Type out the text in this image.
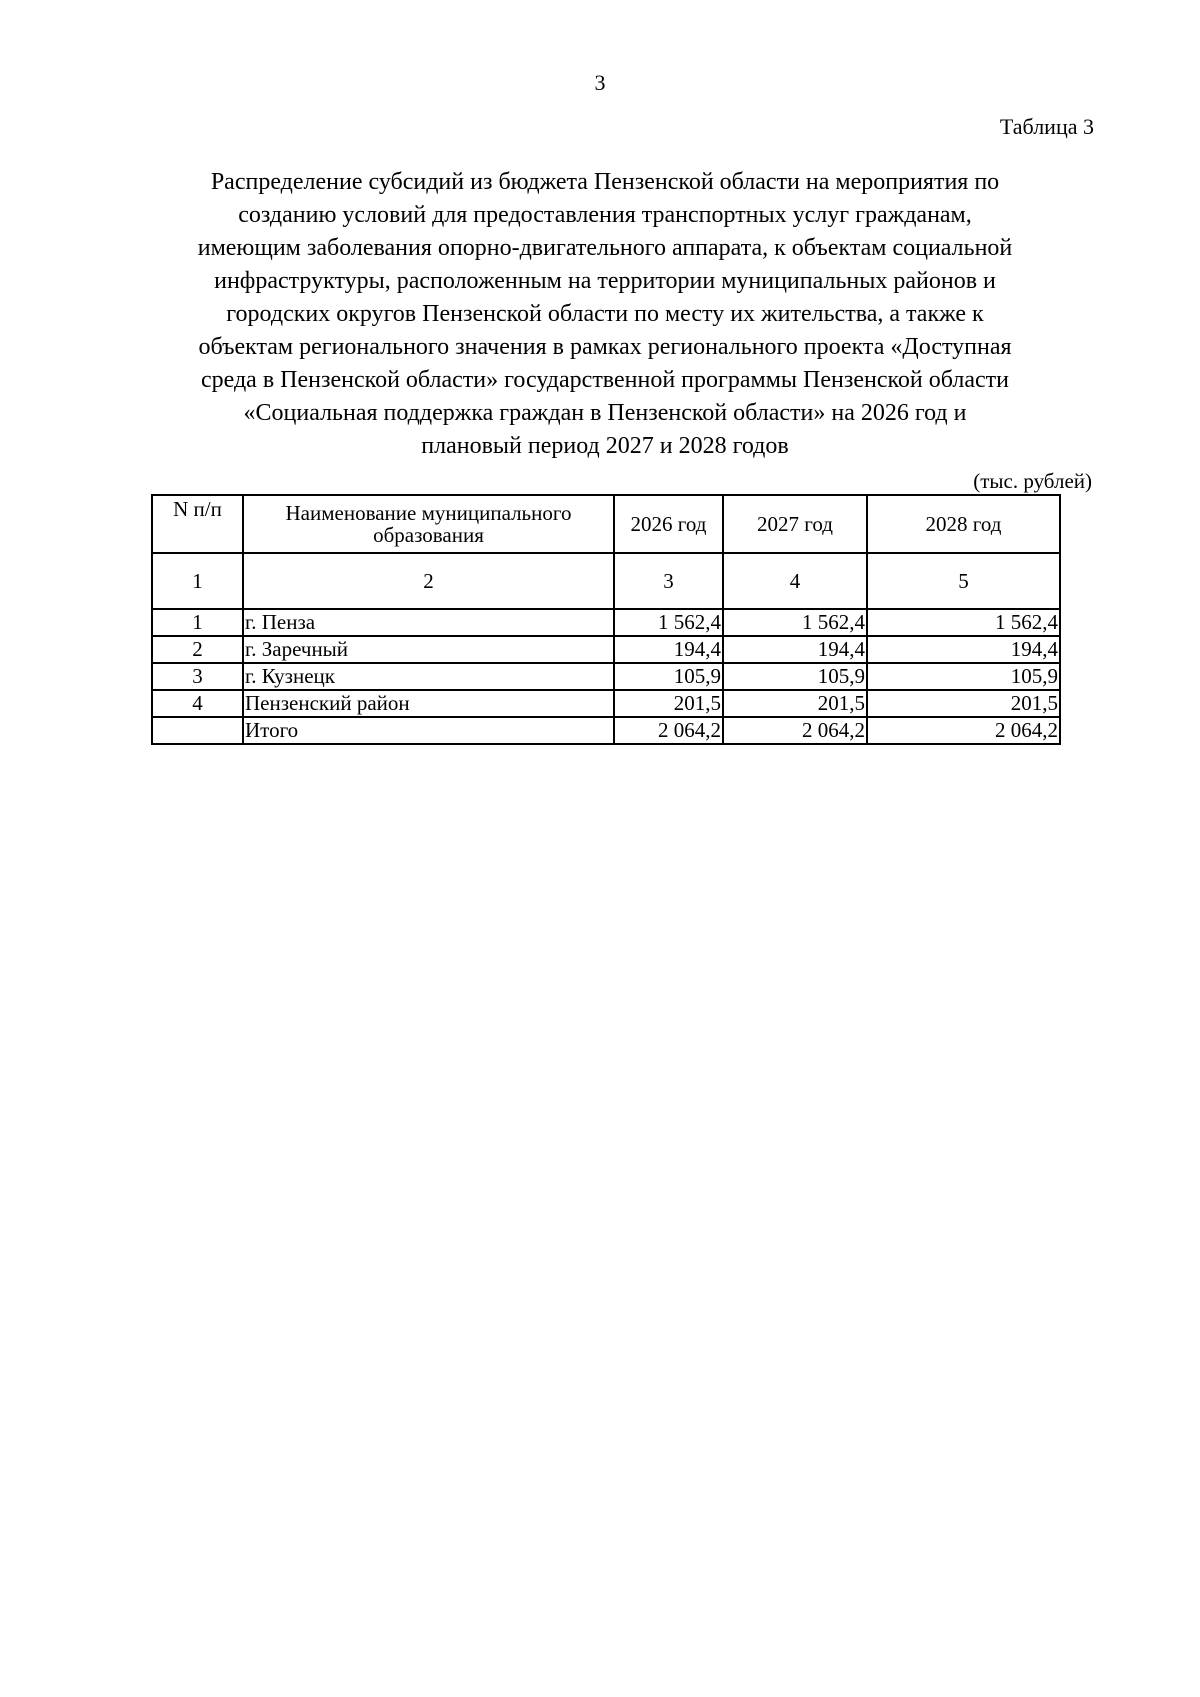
3
Таблица 3
Распределение субсидий из бюджета Пензенской области на мероприятия по
созданию условий для предоставления транспортных услуг гражданам,
имеющим заболевания опорно-двигательного аппарата, к объектам социальной
инфраструктуры, расположенным на территории муниципальных районов и
городских округов Пензенской области по месту их жительства, а также к
объектам регионального значения в рамках регионального проекта «Доступная
среда в Пензенской области» государственной программы Пензенской области
«Социальная поддержка граждан в Пензенской области» на 2026 год и
плановый период 2027 и 2028 годов
(тыс. рублей)
N п/п	Наименование муниципального образования	2026 год	2027 год	2028 год
1	2	3	4	5
1	г. Пенза	1 562,4	1 562,4	1 562,4
2	г. Заречный	194,4	194,4	194,4
3	г. Кузнецк	105,9	105,9	105,9
4	Пензенский район	201,5	201,5	201,5
	Итого	2 064,2	2 064,2	2 064,2
